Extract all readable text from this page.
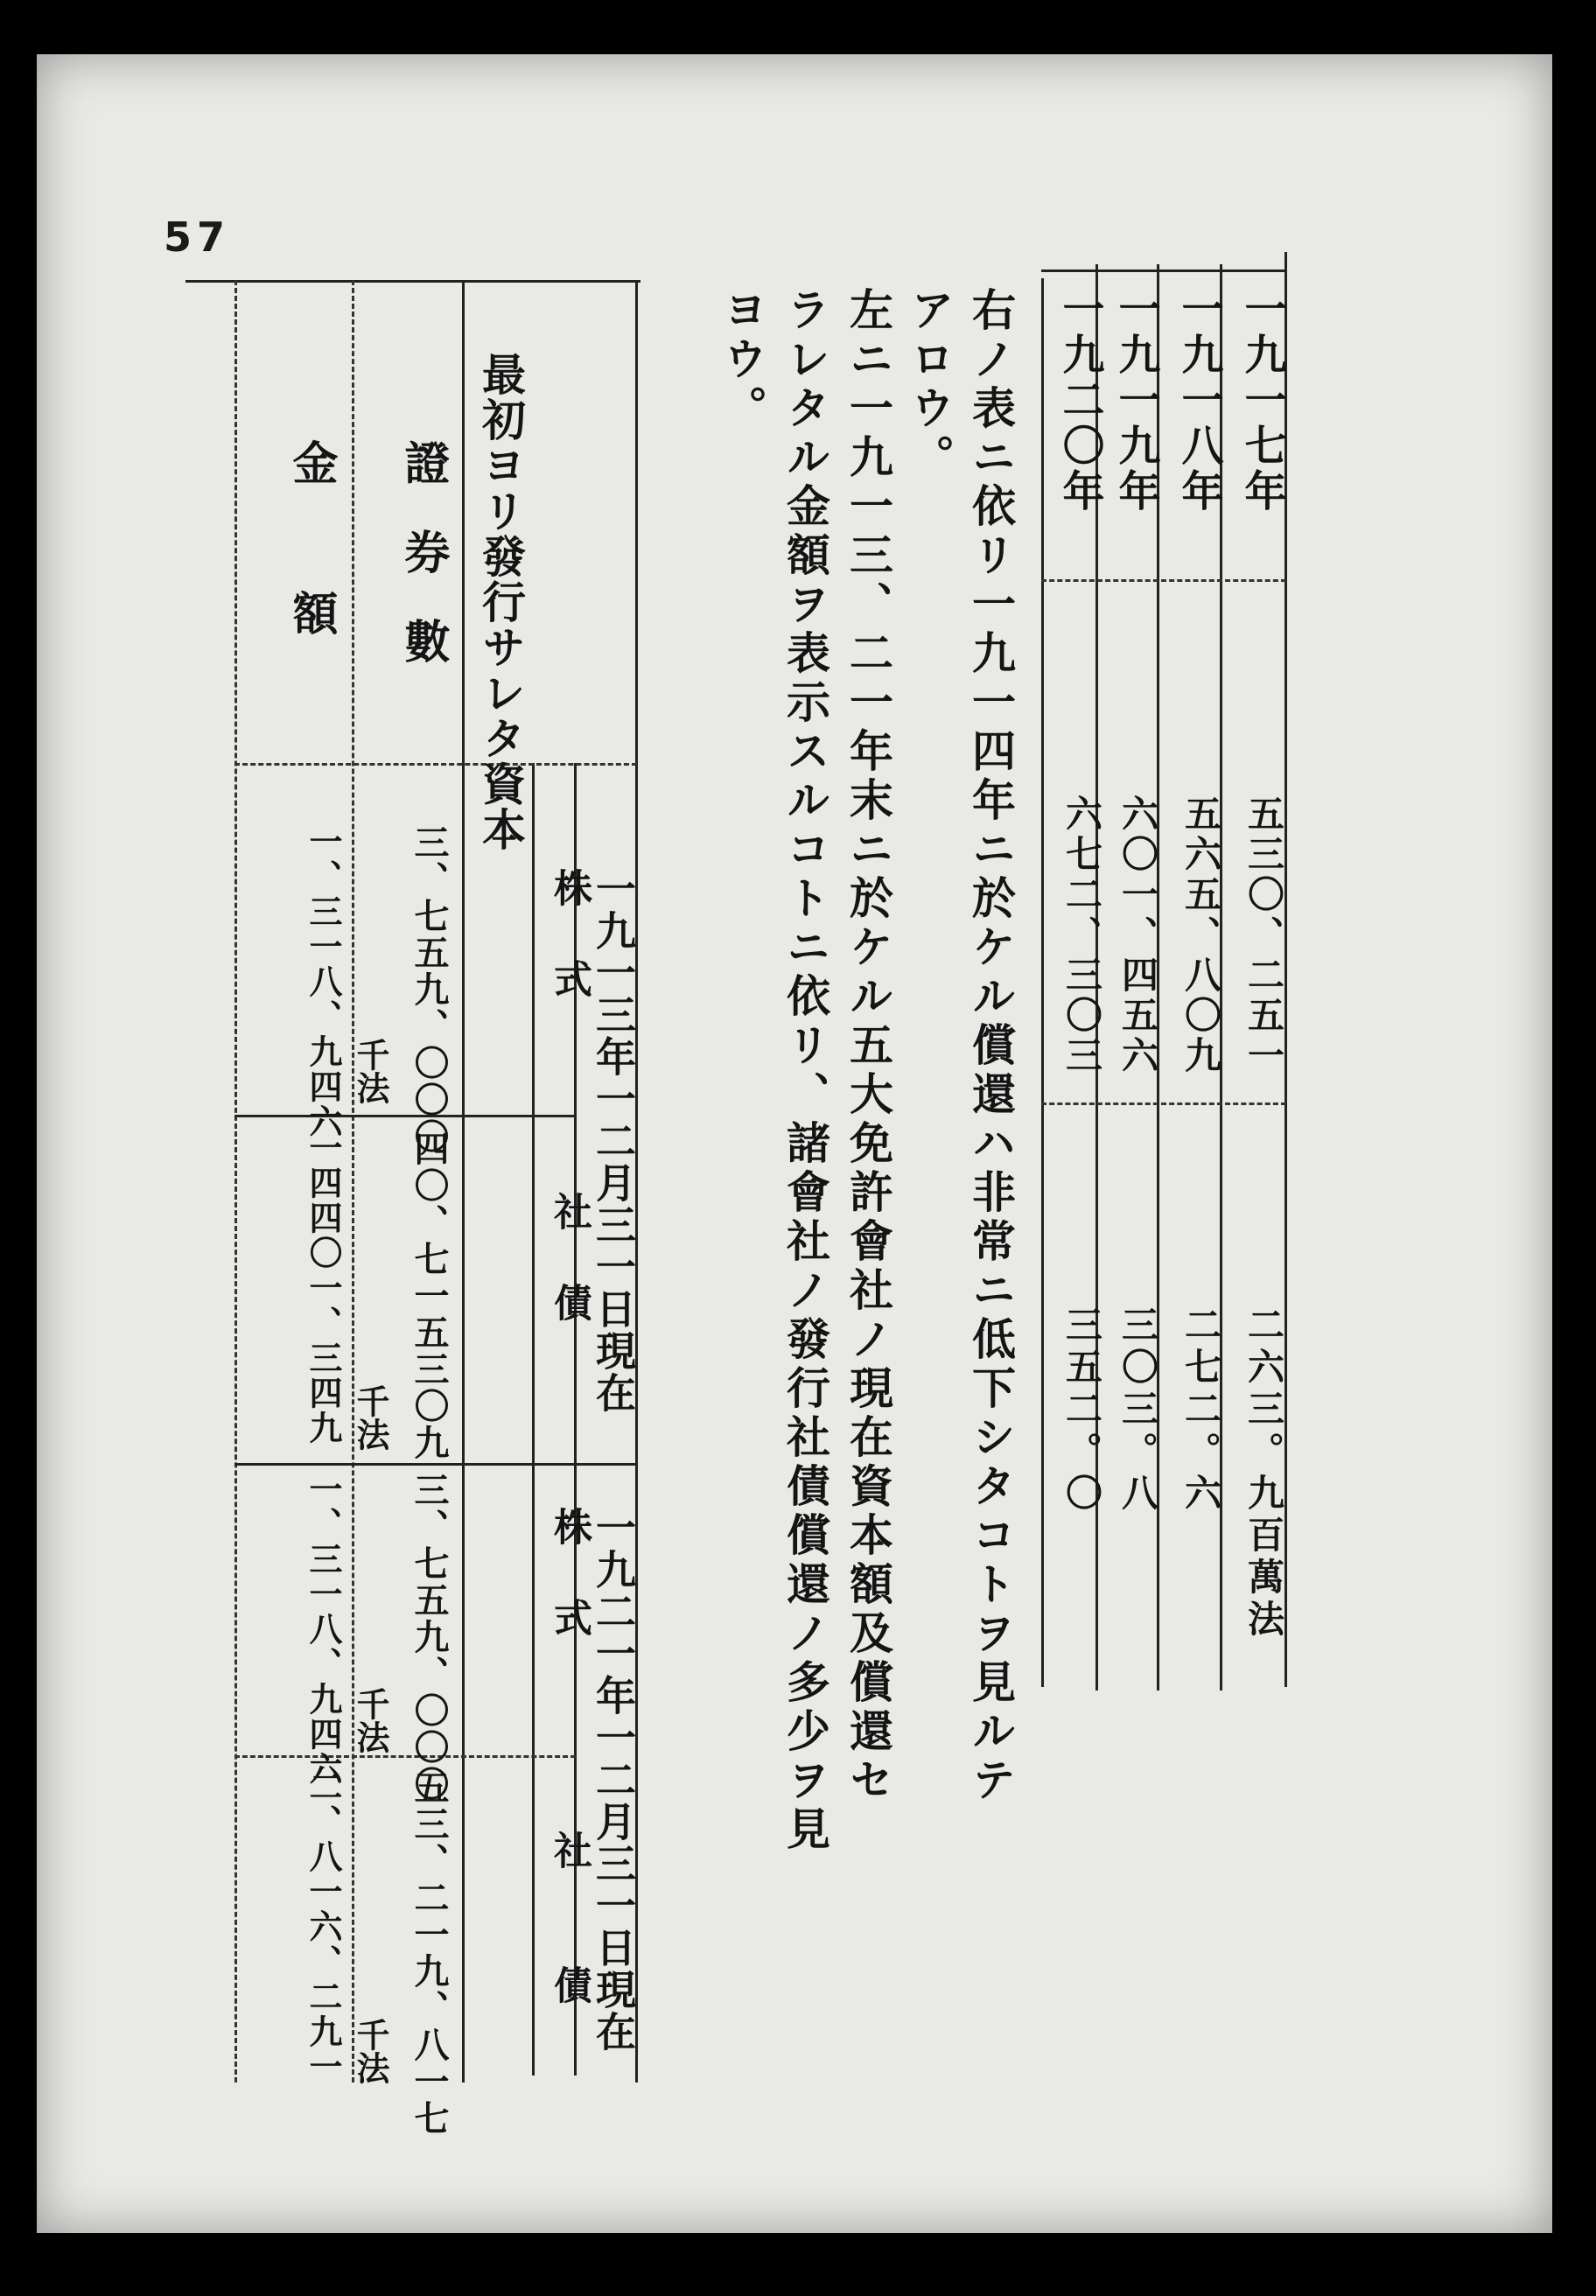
57
一九一七年
一九一八年
一九一九年
一九二〇年
五三〇、二五一
五六五、八〇九
六〇一、四五六
六七二、三〇三
二六三。九百萬法
二七二。六
三〇三。八
三五二。〇
右ノ表ニ依リ一九一四年ニ於ケル償還ハ非常ニ低下シタコトヲ見ルテ
アロウ。
左ニ一九一三、二一年末ニ於ケル五大免許會社ノ現在資本額及償還セ
ラレタル金額ヲ表示スルコトニ依リ、諸會社ノ發行社債償還ノ多少ヲ見
ヨウ。
最初ヨリ發行サレタ資本
證券數
金額
一九一三年一二月三一日現在
一九二一年一二月三一日現在
株式
社債
株式
社債
三、七五九、〇〇〇
四〇、七一五三〇九
三、七五九、〇〇〇
五三、二一九、八一七
一、三一八、九四六
一四四〇一、三四九
一、三一八、九四六
二、八一六、二九一
千法
千法
千法
千法
